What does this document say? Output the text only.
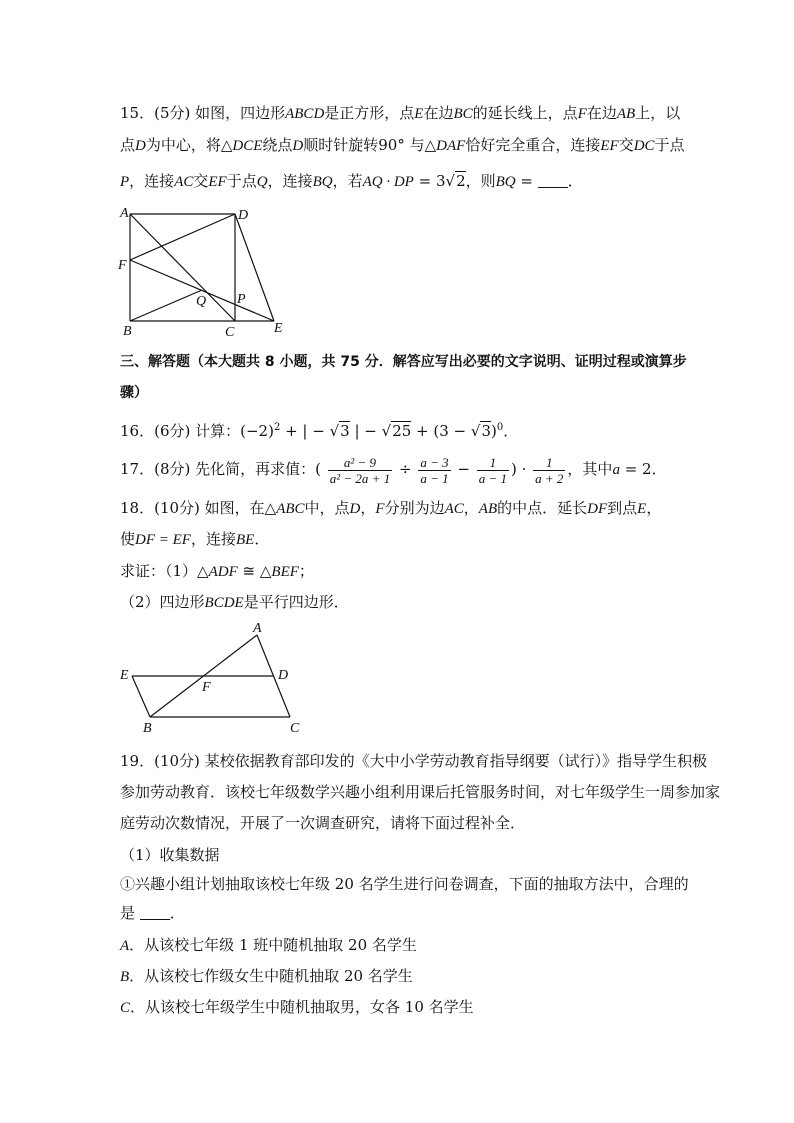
15．(5分) 如图，四边形ABCD是正方形，点E在边BC的延长线上，点F在边AB上，以
点D为中心，将△DCE绕点D顺时针旋转90° 与△DAF恰好完全重合，连接EF交DC于点
P，连接AC交EF于点Q，连接BQ，若AQ · DP = 3√2，则BQ = ．
A	D
F
Q P
B	C	E
三、解答题（本大题共 8 小题，共 75 分．解答应写出必要的文字说明、证明过程或演算步
骤）
16．(6分) 计算：$(-2)^2$ + | − √3 | − $√25 + (3 - √3)^0$．
17．(8分) 先化简，再求值：( $\frac{\text{a² − 9}}{\text{a² − 2a + 1}} \div \frac{a - 3}{a - 1} - \frac{1}{a - 1}$ ) · $\frac{1}{a + 2}$ ，其中a = 2．
18．(10分) 如图，在△ABC中，点D，F分别为边AC，AB的中点．延长DF到点E，
使DF = EF，连接BE．
求证：（1）△ADF ≅ △BEF；
（2）四边形BCDE是平行四边形．
A
E
F
D
B	C
19．(10分) 某校依据教育部印发的《大中小学劳动教育指导纲要（试行）》指导学生积极
参加劳动教育．该校七年级数学兴趣小组利用课后托管服务时间，对七年级学生一周参加家
庭劳动次数情况，开展了一次调查研究，请将下面过程补全．
（1）收集数据
①兴趣小组计划抽取该校七年级 20 名学生进行问卷调查，下面的抽取方法中，合理的
是 ．
A．从该校七年级 1 班中随机抽取 20 名学生
B．从该校七作级女生中随机抽取 20 名学生
C．从该校七年级学生中随机抽取男，女各 10 名学生
